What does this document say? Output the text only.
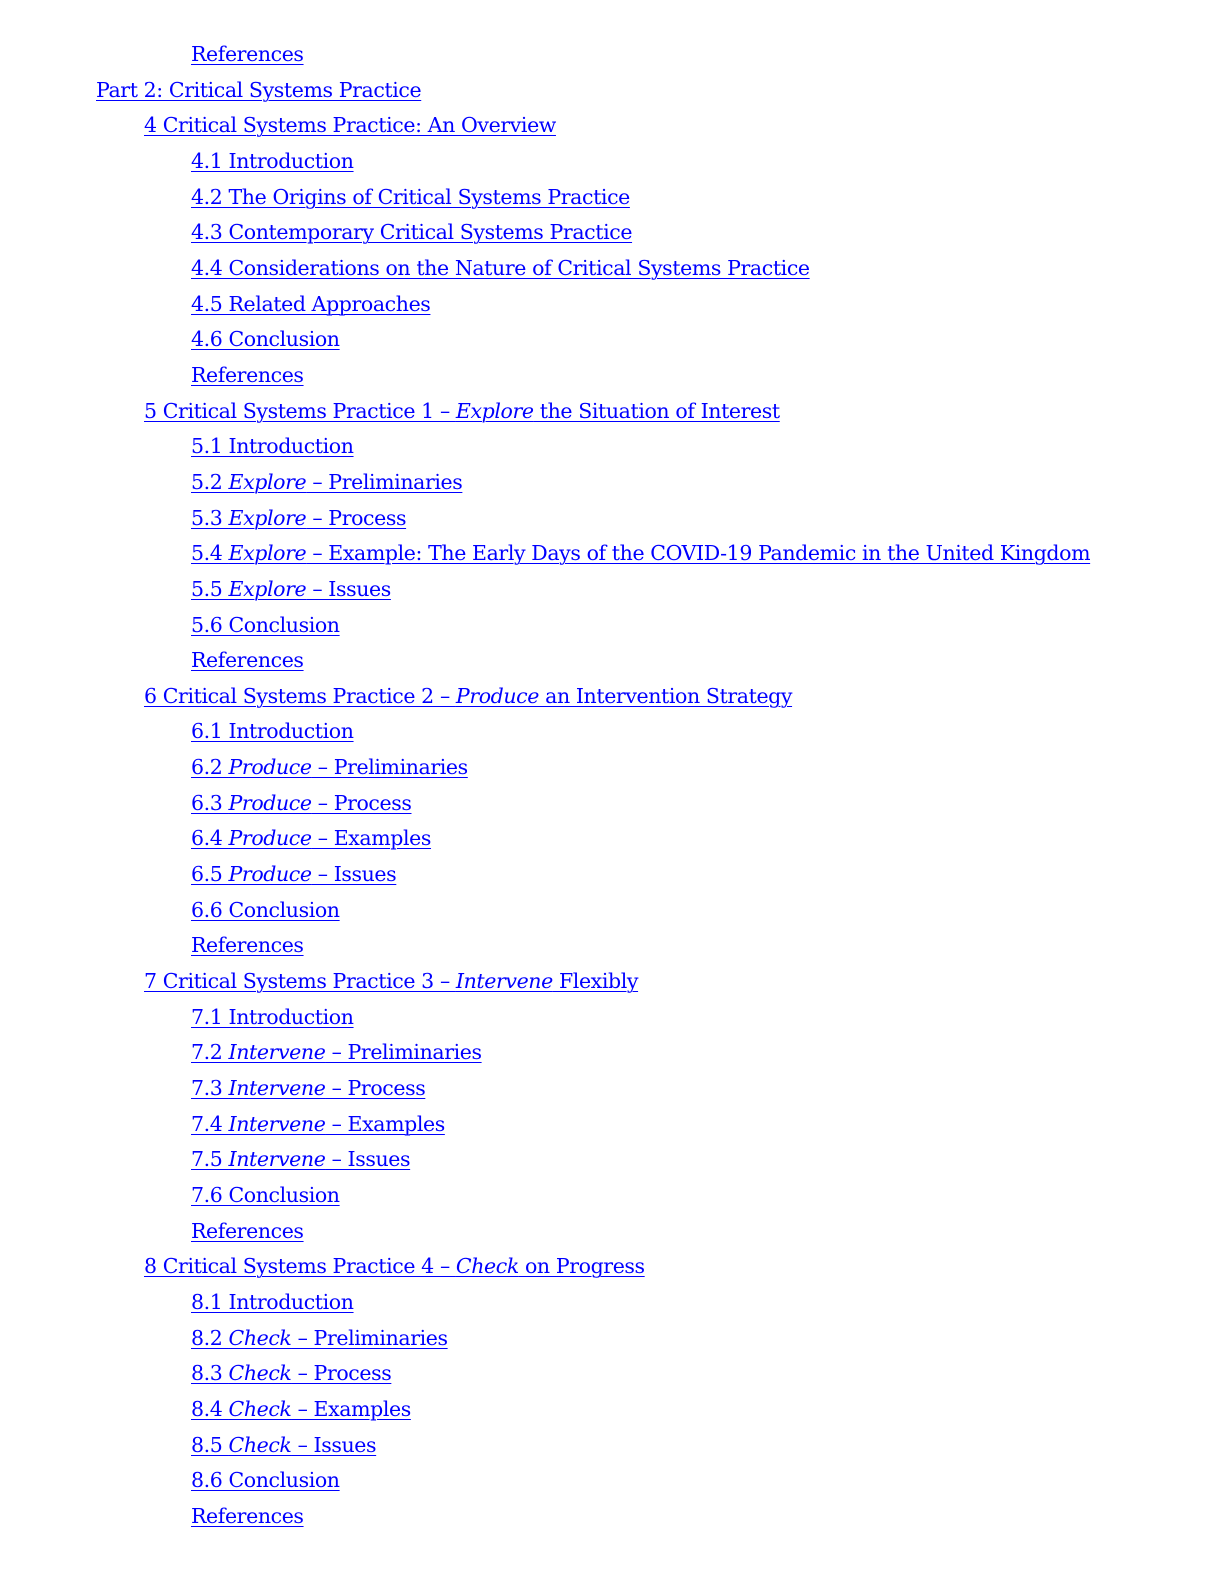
References
Part 2: Critical Systems Practice
4 Critical Systems Practice: An Overview
4.1 Introduction
4.2 The Origins of Critical Systems Practice
4.3 Contemporary Critical Systems Practice
4.4 Considerations on the Nature of Critical Systems Practice
4.5 Related Approaches
4.6 Conclusion
References
5 Critical Systems Practice 1 – Explore the Situation of Interest
5.1 Introduction
5.2 Explore – Preliminaries
5.3 Explore – Process
5.4 Explore – Example: The Early Days of the COVID-19 Pandemic in the United Kingdom
5.5 Explore – Issues
5.6 Conclusion
References
6 Critical Systems Practice 2 – Produce an Intervention Strategy
6.1 Introduction
6.2 Produce – Preliminaries
6.3 Produce – Process
6.4 Produce – Examples
6.5 Produce – Issues
6.6 Conclusion
References
7 Critical Systems Practice 3 – Intervene Flexibly
7.1 Introduction
7.2 Intervene – Preliminaries
7.3 Intervene – Process
7.4 Intervene – Examples
7.5 Intervene – Issues
7.6 Conclusion
References
8 Critical Systems Practice 4 – Check on Progress
8.1 Introduction
8.2 Check – Preliminaries
8.3 Check – Process
8.4 Check – Examples
8.5 Check – Issues
8.6 Conclusion
References
